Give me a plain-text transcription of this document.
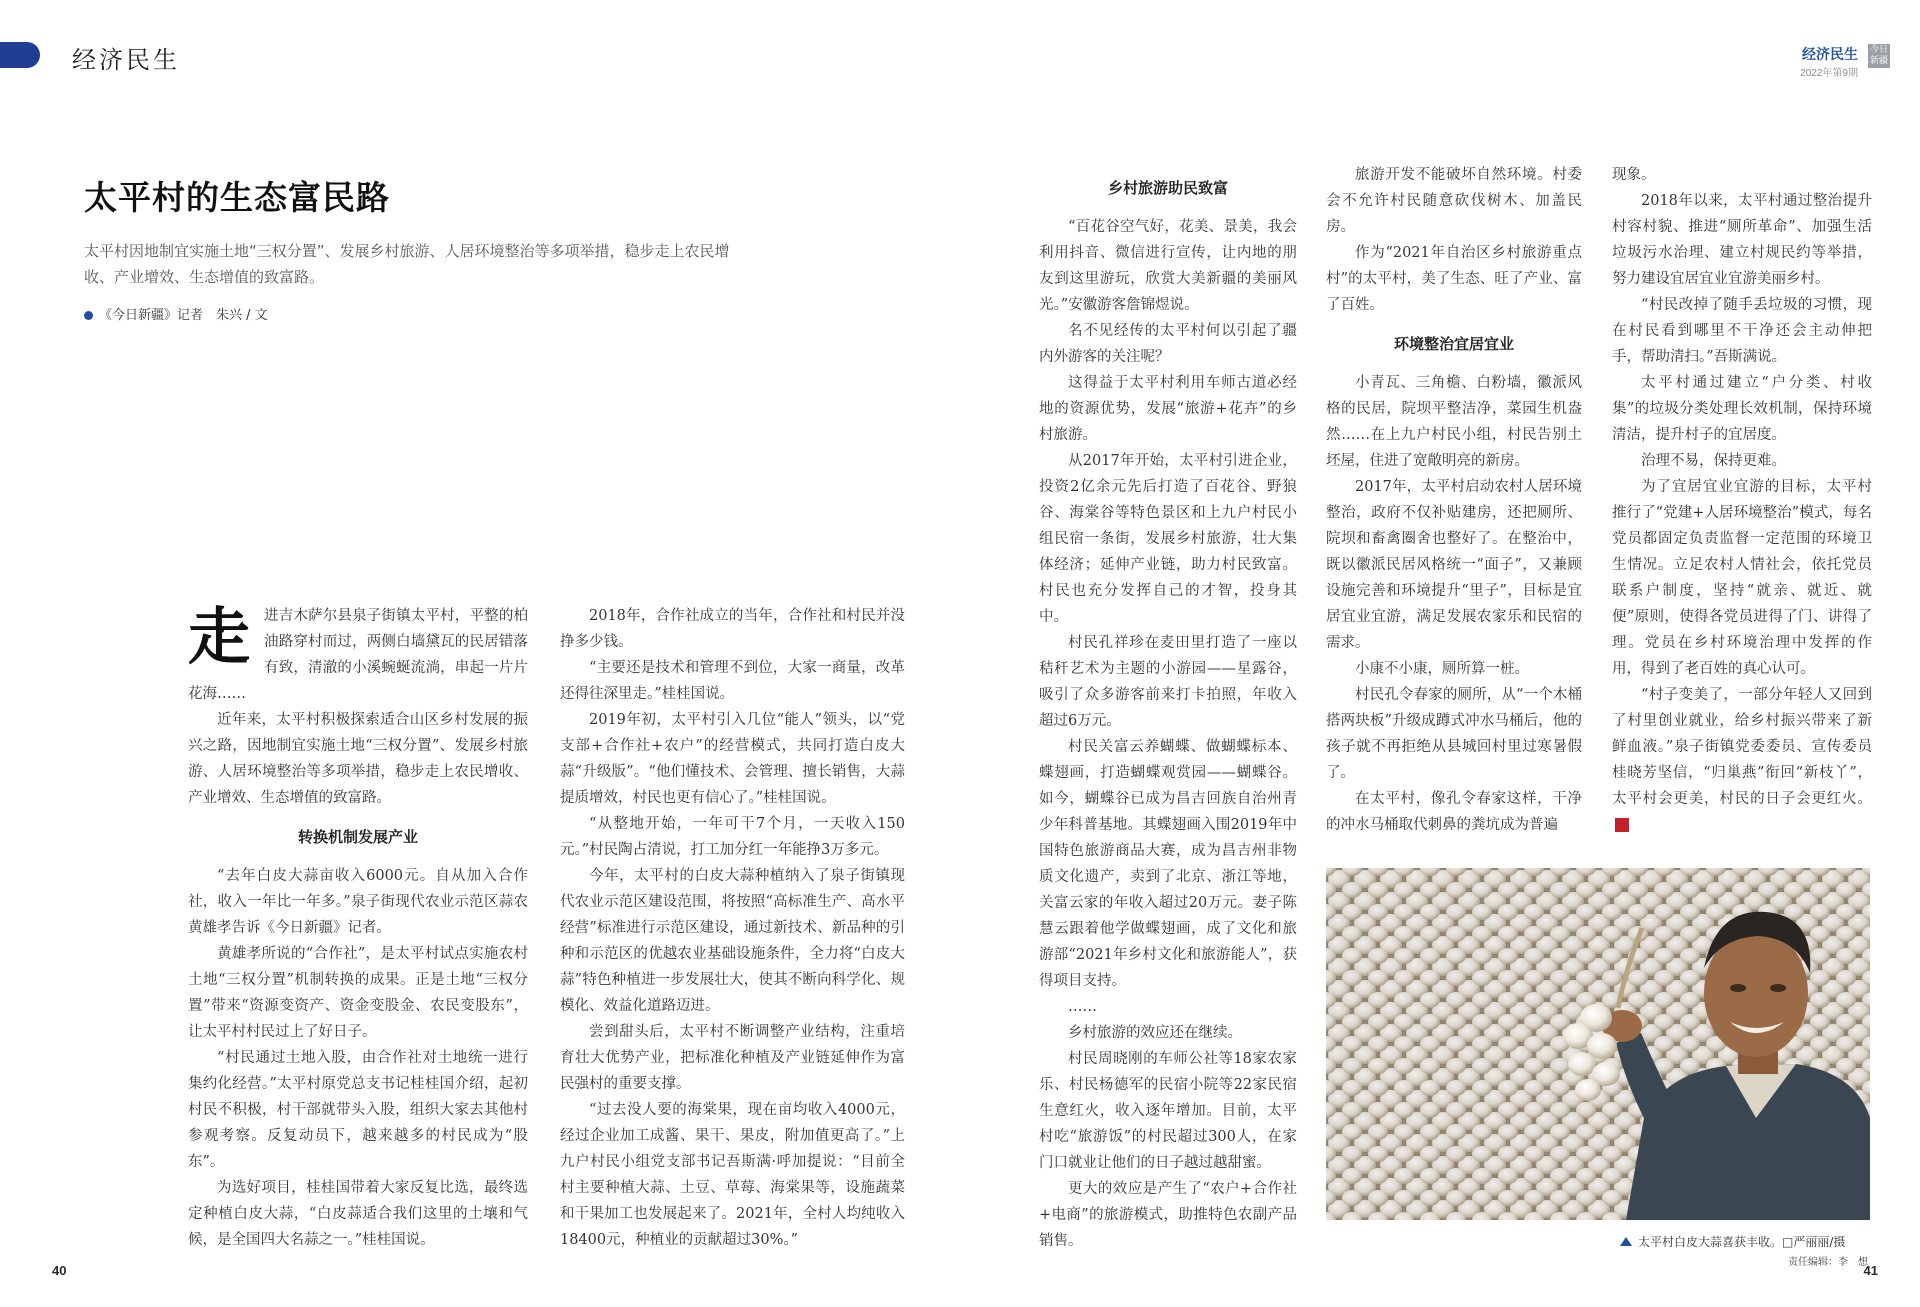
经济民生	经济民生
2022年第9期
今日新疆
太平村的生态富民路
太平村因地制宜实施土地“三权分置”、发展乡村旅游、人居环境整治等多项举措，稳步走上农民增收、产业增效、生态增值的致富路。
《今日新疆》记者　朱兴 / 文
走 进吉木萨尔县泉子街镇太平村，平整的柏油路穿村而过，两侧白墙黛瓦的民居错落有致，清澈的小溪蜿蜒流淌，串起一片片花海……

近年来，太平村积极探索适合山区乡村发展的振兴之路，因地制宜实施土地“三权分置”、发展乡村旅游、人居环境整治等多项举措，稳步走上农民增收、产业增效、生态增值的致富路。

转换机制发展产业

“去年白皮大蒜亩收入6000元。自从加入合作社，收入一年比一年多。”泉子街现代农业示范区蒜农黄雄孝告诉《今日新疆》记者。

黄雄孝所说的“合作社”，是太平村试点实施农村土地“三权分置”机制转换的成果。正是土地“三权分置”带来“资源变资产、资金变股金、农民变股东”，让太平村村民过上了好日子。

“村民通过土地入股，由合作社对土地统一进行集约化经营。”太平村原党总支书记桂桂国介绍，起初村民不积极，村干部就带头入股，组织大家去其他村参观考察。反复动员下，越来越多的村民成为“股东”。

为选好项目，桂桂国带着大家反复比选，最终选定种植白皮大蒜，“白皮蒜适合我们这里的土壤和气候，是全国四大名蒜之一。”桂桂国说。

2018年，合作社成立的当年，合作社和村民并没挣多少钱。

“主要还是技术和管理不到位，大家一商量，改革还得往深里走。”桂桂国说。

2019年初，太平村引入几位“能人”领头，以“党支部+合作社+农户”的经营模式，共同打造白皮大蒜“升级版”。“他们懂技术、会管理、擅长销售，大蒜提质增效，村民也更有信心了。”桂桂国说。

“从整地开始，一年可干7个月，一天收入150元。”村民陶占清说，打工加分红一年能挣3万多元。

今年，太平村的白皮大蒜种植纳入了泉子街镇现代农业示范区建设范围，将按照“高标准生产、高水平经营”标准进行示范区建设，通过新技术、新品种的引种和示范区的优越农业基础设施条件，全力将“白皮大蒜”特色种植进一步发展壮大，使其不断向科学化、规模化、效益化道路迈进。

尝到甜头后，太平村不断调整产业结构，注重培育壮大优势产业，把标准化种植及产业链延伸作为富民强村的重要支撑。

“过去没人要的海棠果，现在亩均收入4000元，经过企业加工成酱、果干、果皮，附加值更高了。”上九户村民小组党支部书记吾斯满·呼加提说：“目前全村主要种植大蒜、土豆、草莓、海棠果等，设施蔬菜和干果加工也发展起来了。2021年，全村人均纯收入18400元，种植业的贡献超过30%。”

乡村旅游助民致富

“百花谷空气好，花美、景美，我会利用抖音、微信进行宣传，让内地的朋友到这里游玩，欣赏大美新疆的美丽风光。”安徽游客詹锦煜说。

名不见经传的太平村何以引起了疆内外游客的关注呢？

这得益于太平村利用车师古道必经地的资源优势，发展“旅游+花卉”的乡村旅游。

从2017年开始，太平村引进企业，投资2亿余元先后打造了百花谷、野狼谷、海棠谷等特色景区和上九户村民小组民宿一条街，发展乡村旅游，壮大集体经济；延伸产业链，助力村民致富。村民也充分发挥自己的才智，投身其中。

村民孔祥珍在麦田里打造了一座以秸秆艺术为主题的小游园——星露谷，吸引了众多游客前来打卡拍照，年收入超过6万元。

村民关富云养蝴蝶、做蝴蝶标本、蝶翅画，打造蝴蝶观赏园——蝴蝶谷。如今，蝴蝶谷已成为昌吉回族自治州青少年科普基地。其蝶翅画入围2019年中国特色旅游商品大赛，成为昌吉州非物质文化遗产，卖到了北京、浙江等地，关富云家的年收入超过20万元。妻子陈慧云跟着他学做蝶翅画，成了文化和旅游部“2021年乡村文化和旅游能人”，获得项目支持。

……

乡村旅游的效应还在继续。

村民周晓刚的车师公社等18家农家乐、村民杨德军的民宿小院等22家民宿生意红火，收入逐年增加。目前，太平村吃“旅游饭”的村民超过300人，在家门口就业让他们的日子越过越甜蜜。

更大的效应是产生了“农户+合作社+电商”的旅游模式，助推特色农副产品销售。

旅游开发不能破坏自然环境。村委会不允许村民随意砍伐树木、加盖民房。

作为“2021年自治区乡村旅游重点村”的太平村，美了生态、旺了产业、富了百姓。

环境整治宜居宜业

小青瓦、三角檐、白粉墙，徽派风格的民居，院坝平整洁净，菜园生机盎然……在上九户村民小组，村民告别土坯屋，住进了宽敞明亮的新房。

2017年，太平村启动农村人居环境整治，政府不仅补贴建房，还把厕所、院坝和畜禽圈舍也整好了。在整治中，既以徽派民居风格统一“面子”，又兼顾设施完善和环境提升“里子”，目标是宜居宜业宜游，满足发展农家乐和民宿的需求。

小康不小康，厕所算一桩。

村民孔令春家的厕所，从“一个木桶搭两块板”升级成蹲式冲水马桶后，他的孩子就不再拒绝从县城回村里过寒暑假了。

在太平村，像孔令春家这样，干净的冲水马桶取代刺鼻的粪坑成为普遍

现象。

2018年以来，太平村通过整治提升村容村貌、推进“厕所革命”、加强生活垃圾污水治理、建立村规民约等举措，努力建设宜居宜业宜游美丽乡村。

“村民改掉了随手丢垃圾的习惯，现在村民看到哪里不干净还会主动伸把手，帮助清扫。”吾斯满说。

太平村通过建立“户分类、村收集”的垃圾分类处理长效机制，保持环境清洁，提升村子的宜居度。

治理不易，保持更难。

为了宜居宜业宜游的目标，太平村推行了“党建+人居环境整治”模式，每名党员都固定负责监督一定范围的环境卫生情况。立足农村人情社会，依托党员联系户制度，坚持“就亲、就近、就便”原则，使得各党员进得了门、讲得了理。党员在乡村环境治理中发挥的作用，得到了老百姓的真心认可。

“村子变美了，一部分年轻人又回到了村里创业就业，给乡村振兴带来了新鲜血液。”泉子街镇党委委员、宣传委员桂晓芳坚信，“归巢燕”衔回“新枝丫”，太平村会更美，村民的日子会更红火。J

太平村白皮大蒜喜获丰收。□严丽丽/摄
责任编辑：李　想
40	41
